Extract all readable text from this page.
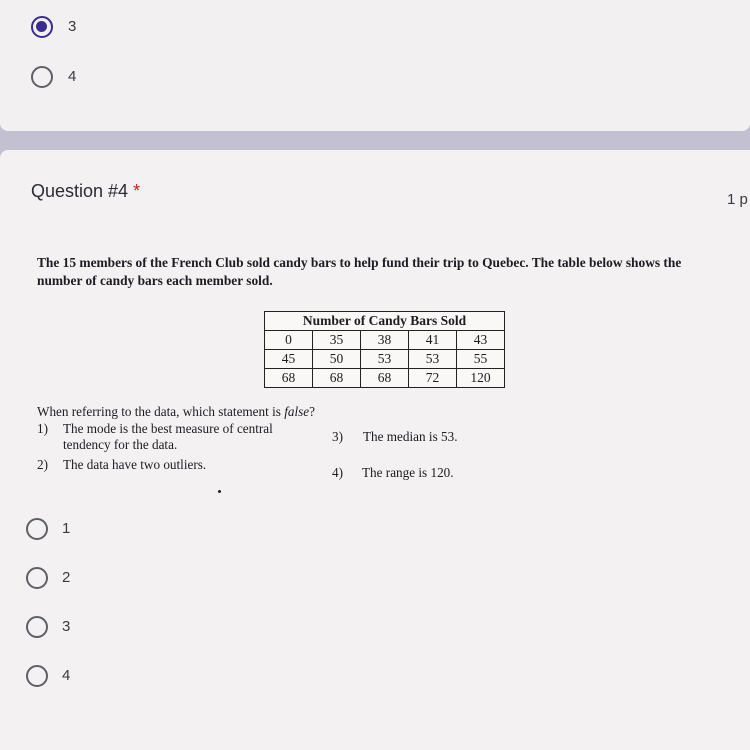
3
4
Question #4 *	1 p
The 15 members of the French Club sold candy bars to help fund their trip to Quebec. The table below shows the
number of candy bars each member sold.
Number of Candy Bars Sold				
0	35	38	41	43
45	50	53	53	55
68	68	68	72	120
When referring to the data, which statement is false?
1) The mode is the best measure of central
tendency for the data.
2) The data have two outliers.
3) The median is 53.
4) The range is 120.
1
2
3
4
